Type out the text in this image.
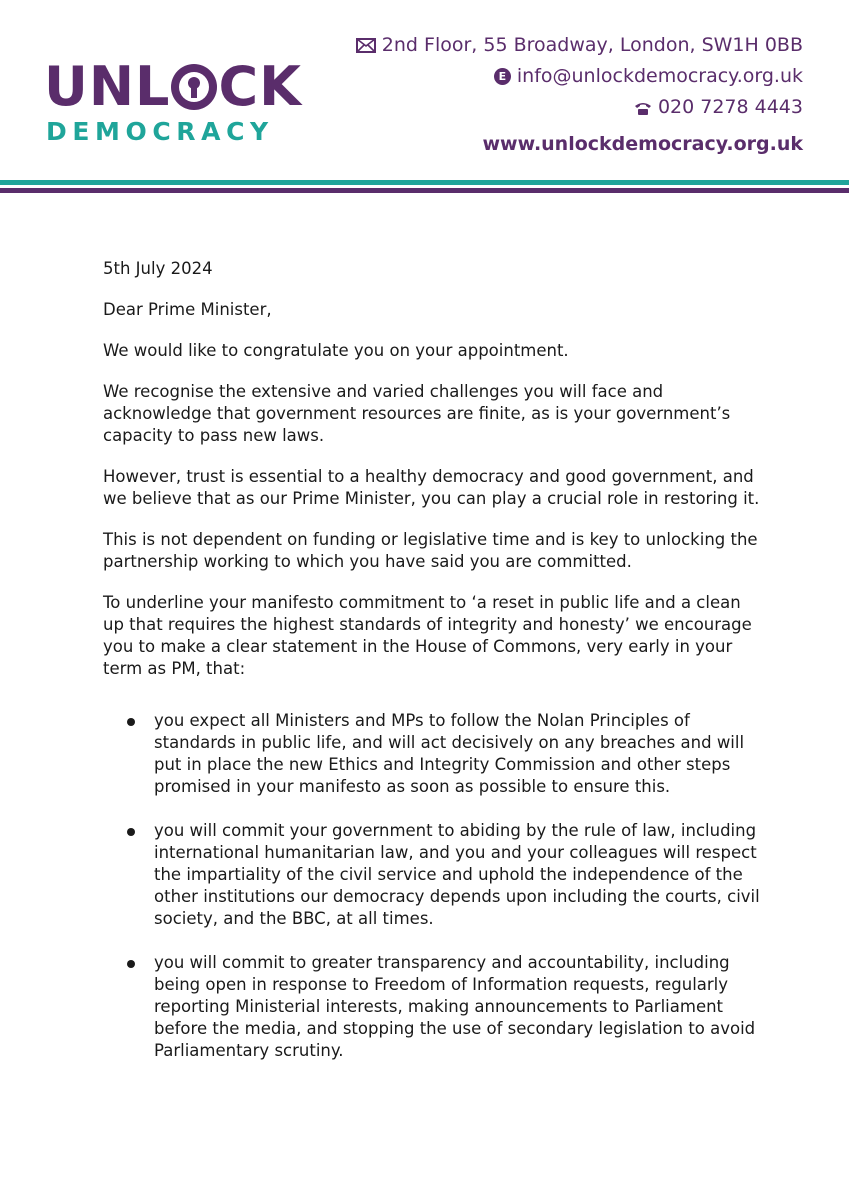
UNL CK
DEMOCRACY
2nd Floor, 55 Broadway, London, SW1H 0BB
E info@unlockdemocracy.org.uk
020 7278 4443
www.unlockdemocracy.org.uk

5th July 2024

Dear Prime Minister,

We would like to congratulate you on your appointment.

We recognise the extensive and varied challenges you will face and acknowledge that government resources are finite, as is your government’s capacity to pass new laws.

However, trust is essential to a healthy democracy and good government, and we believe that as our Prime Minister, you can play a crucial role in restoring it.

This is not dependent on funding or legislative time and is key to unlocking the partnership working to which you have said you are committed.

To underline your manifesto commitment to ‘a reset in public life and a clean up that requires the highest standards of integrity and honesty’ we encourage you to make a clear statement in the House of Commons, very early in your term as PM, that:

you expect all Ministers and MPs to follow the Nolan Principles of standards in public life, and will act decisively on any breaches and will put in place the new Ethics and Integrity Commission and other steps promised in your manifesto as soon as possible to ensure this.
you will commit your government to abiding by the rule of law, including international humanitarian law, and you and your colleagues will respect the impartiality of the civil service and uphold the independence of the other institutions our democracy depends upon including the courts, civil society, and the BBC, at all times.
you will commit to greater transparency and accountability, including being open in response to Freedom of Information requests, regularly reporting Ministerial interests, making announcements to Parliament before the media, and stopping the use of secondary legislation to avoid Parliamentary scrutiny.
